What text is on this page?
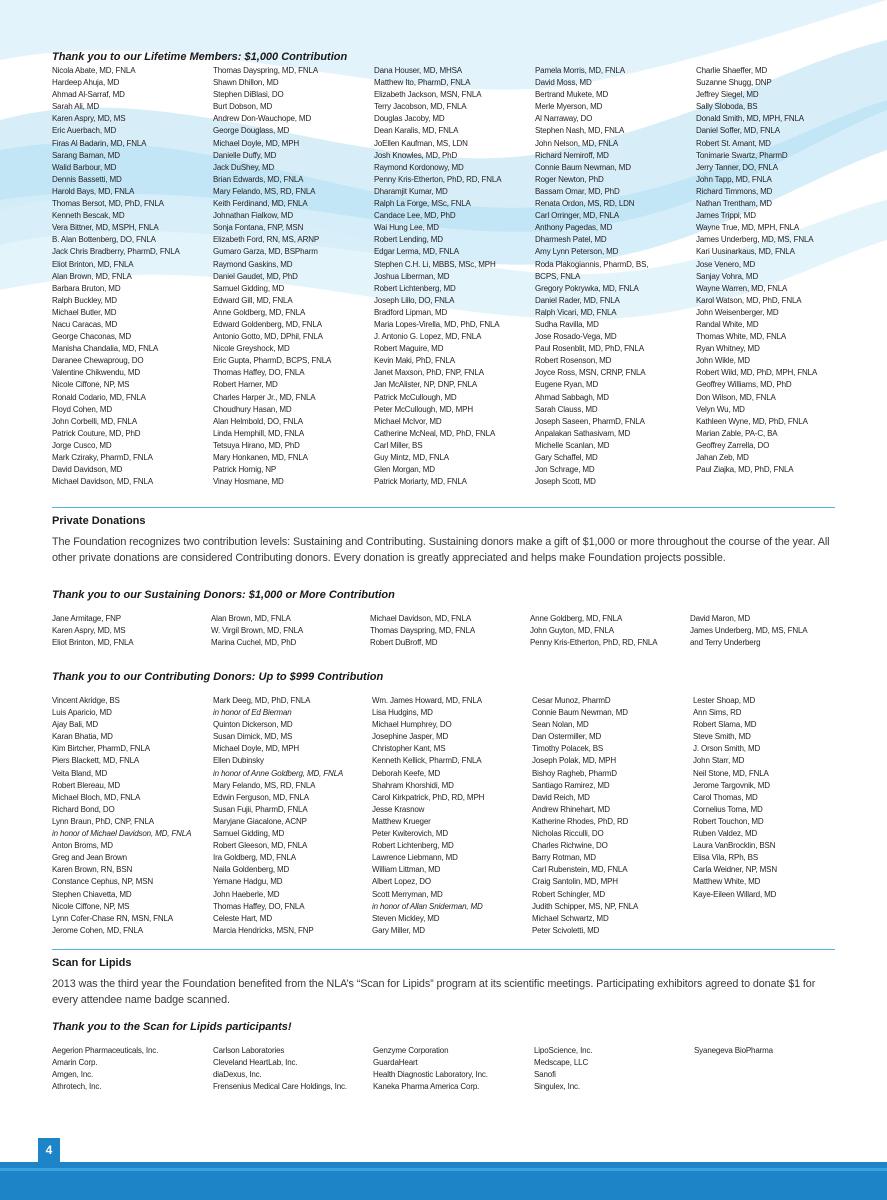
Thank you to our Lifetime Members: $1,000 Contribution
Nicola Abate, MD, FNLA
Hardeep Ahuja, MD
Ahmad Al-Sarraf, MD
Sarah Ali, MD
Karen Aspry, MD, MS
Eric Auerbach, MD
Firas Al Badarin, MD, FNLA
Sarang Baman, MD
Walid Barbour, MD
Dennis Bassetti, MD
Harold Bays, MD, FNLA
Thomas Bersot, MD, PhD, FNLA
Kenneth Bescak, MD
Vera Bittner, MD, MSPH, FNLA
B. Alan Bottenberg, DO, FNLA
Jack Chris Bradberry, PharmD, FNLA
Eliot Brinton, MD, FNLA
Alan Brown, MD, FNLA
Barbara Bruton, MD
Ralph Buckley, MD
Michael Butler, MD
Nacu Caracas, MD
George Chaconas, MD
Manisha Chandalia, MD, FNLA
Daranee Chewaproug, DO
Valentine Chikwendu, MD
Nicole Ciffone, NP, MS
Ronald Codario, MD, FNLA
Floyd Cohen, MD
John Corbelli, MD, FNLA
Patrick Couture, MD, PhD
Jorge Cusco, MD
Mark Cziraky, PharmD, FNLA
David Davidson, MD
Michael Davidson, MD, FNLA
Thomas Dayspring, MD, FNLA
Shawn Dhillon, MD
Stephen DiBlasi, DO
Burt Dobson, MD
Andrew Don-Wauchope, MD
George Douglass, MD
Michael Doyle, MD, MPH
Danielle Duffy, MD
Jack DuShey, MD
Brian Edwards, MD, FNLA
Mary Felando, MS, RD, FNLA
Keith Ferdinand, MD, FNLA
Johnathan Fialkow, MD
Sonja Fontana, FNP, MSN
Elizabeth Ford, RN, MS, ARNP
Gumaro Garza, MD, BSPharm
Raymond Gaskins, MD
Daniel Gaudet, MD, PhD
Samuel Gidding, MD
Edward Gill, MD, FNLA
Anne Goldberg, MD, FNLA
Edward Goldenberg, MD, FNLA
Antonio Gotto, MD, DPhil, FNLA
Nicole Greyshock, MD
Eric Gupta, PharmD, BCPS, FNLA
Thomas Haffey, DO, FNLA
Robert Harner, MD
Charles Harper Jr., MD, FNLA
Choudhury Hasan, MD
Alan Helmbold, DO, FNLA
Linda Hemphill, MD, FNLA
Tetsuya Hirano, MD, PhD
Mary Honkanen, MD, FNLA
Patrick Hornig, NP
Vinay Hosmane, MD
Dana Houser, MD, MHSA
Matthew Ito, PharmD, FNLA
Elizabeth Jackson, MSN, FNLA
Terry Jacobson, MD, FNLA
Douglas Jacoby, MD
Dean Karalis, MD, FNLA
JoEllen Kaufman, MS, LDN
Josh Knowles, MD, PhD
Raymond Kordonowy, MD
Penny Kris-Etherton, PhD, RD, FNLA
Dharamjit Kumar, MD
Ralph La Forge, MSc, FNLA
Candace Lee, MD, PhD
Wai Hung Lee, MD
Robert Lending, MD
Edgar Lerma, MD, FNLA
Stephen C.H. Li, MBBS, MSc, MPH
Joshua Liberman, MD
Robert Lichtenberg, MD
Joseph Lillo, DO, FNLA
Bradford Lipman, MD
Maria Lopes-Virella, MD, PhD, FNLA
J. Antonio G. Lopez, MD, FNLA
Robert Maguire, MD
Kevin Maki, PhD, FNLA
Janet Maxson, PhD, FNP, FNLA
Jan McAlister, NP, DNP, FNLA
Patrick McCullough, MD
Peter McCullough, MD, MPH
Michael McIvor, MD
Catherine McNeal, MD, PhD, FNLA
Carl Miller, BS
Guy Mintz, MD, FNLA
Glen Morgan, MD
Patrick Moriarty, MD, FNLA
Pamela Morris, MD, FNLA
David Moss, MD
Bertrand Mukete, MD
Merle Myerson, MD
Al Narraway, DO
Stephen Nash, MD, FNLA
John Nelson, MD, FNLA
Richard Nemiroff, MD
Connie Baum Newman, MD
Roger Newton, PhD
Bassam Omar, MD, PhD
Renata Ordon, MS, RD, LDN
Carl Orringer, MD, FNLA
Anthony Pagedas, MD
Dharmesh Patel, MD
Amy Lynn Peterson, MD
Roda Plakogiannis, PharmD, BS,
BCPS, FNLA
Gregory Pokrywka, MD, FNLA
Daniel Rader, MD, FNLA
Ralph Vicari, MD, FNLA
Sudha Ravilla, MD
Jose Rosado-Vega, MD
Paul Rosenblit, MD, PhD, FNLA
Robert Rosenson, MD
Joyce Ross, MSN, CRNP, FNLA
Eugene Ryan, MD
Ahmad Sabbagh, MD
Sarah Clauss, MD
Joseph Saseen, PharmD, FNLA
Anpalakan Sathasivam, MD
Michelle Scanlan, MD
Gary Schaffel, MD
Jon Schrage, MD
Joseph Scott, MD
Charlie Shaeffer, MD
Suzanne Shugg, DNP
Jeffrey Siegel, MD
Sally Sloboda, BS
Donald Smith, MD, MPH, FNLA
Daniel Soffer, MD, FNLA
Robert St. Amant, MD
Tonimarie Swartz, PharmD
Jerry Tanner, DO, FNLA
John Tapp, MD, FNLA
Richard Timmons, MD
Nathan Trentham, MD
James Trippi, MD
Wayne True, MD, MPH, FNLA
James Underberg, MD, MS, FNLA
Kari Uusinarkaus, MD, FNLA
Jose Venero, MD
Sanjay Vohra, MD
Wayne Warren, MD, FNLA
Karol Watson, MD, PhD, FNLA
John Weisenberger, MD
Randal White, MD
Thomas White, MD, FNLA
Ryan Whitney, MD
John Wikle, MD
Robert Wild, MD, PhD, MPH, FNLA
Geoffrey Williams, MD, PhD
Don Wilson, MD, FNLA
Velyn Wu, MD
Kathleen Wyne, MD, PhD, FNLA
Marian Zable, PA-C, BA
Geoffrey Zarrella, DO
Jahan Zeb, MD
Paul Ziajka, MD, PhD, FNLA
Private Donations
The Foundation recognizes two contribution levels: Sustaining and Contributing. Sustaining donors make a gift of $1,000 or more throughout the course of the year. All other private donations are considered Contributing donors. Every donation is greatly appreciated and helps make Foundation projects possible.
Thank you to our Sustaining Donors: $1,000 or More Contribution
Jane Armitage, FNP
Karen Aspry, MD, MS
Eliot Brinton, MD, FNLA
Alan Brown, MD, FNLA
W. Virgil Brown, MD, FNLA
Marina Cuchel, MD, PhD
Michael Davidson, MD, FNLA
Thomas Dayspring, MD, FNLA
Robert DuBroff, MD
Anne Goldberg, MD, FNLA
John Guyton, MD, FNLA
Penny Kris-Etherton, PhD, RD, FNLA
David Maron, MD
James Underberg, MD, MS, FNLA
and Terry Underberg
Thank you to our Contributing Donors: Up to $999 Contribution
Vincent Akridge, BS
Luis Aparicio, MD
Ajay Bali, MD
Karan Bhatia, MD
Kim Birtcher, PharmD, FNLA
Piers Blackett, MD, FNLA
Veita Bland, MD
Robert Blereau, MD
Michael Bloch, MD, FNLA
Richard Bond, DO
Lynn Braun, PhD, CNP, FNLA
in honor of Michael Davidson, MD, FNLA
Anton Broms, MD
Greg and Jean Brown
Karen Brown, RN, BSN
Constance Cephus, NP, MSN
Stephen Chiavetta, MD
Nicole Ciffone, NP, MS
Lynn Cofer-Chase RN, MSN, FNLA
Jerome Cohen, MD, FNLA
Mark Deeg, MD, PhD, FNLA
in honor of Ed Bierman
Quinton Dickerson, MD
Susan Dimick, MD, MS
Michael Doyle, MD, MPH
Ellen Dubinsky
in honor of Anne Goldberg, MD, FNLA
Mary Felando, MS, RD, FNLA
Edwin Ferguson, MD, FNLA
Susan Fujii, PharmD, FNLA
Maryjane Giacalone, ACNP
Samuel Gidding, MD
Robert Gleeson, MD, FNLA
Ira Goldberg, MD, FNLA
Naila Goldenberg, MD
Yemane Hadgu, MD
John Haeberle, MD
Thomas Haffey, DO, FNLA
Celeste Hart, MD
Marcia Hendricks, MSN, FNP
Wm. James Howard, MD, FNLA
Lisa Hudgins, MD
Michael Humphrey, DO
Josephine Jasper, MD
Christopher Kant, MS
Kenneth Kellick, PharmD, FNLA
Deborah Keefe, MD
Shahram Khorshidi, MD
Carol Kirkpatrick, PhD, RD, MPH
Jesse Krasnow
Matthew Krueger
Peter Kwiterovich, MD
Robert Lichtenberg, MD
Lawrence Liebmann, MD
William Littman, MD
Albert Lopez, DO
Scott Merryman, MD
in honor of Allan Sniderman, MD
Steven Mickley, MD
Gary Miller, MD
Cesar Munoz, PharmD
Connie Baum Newman, MD
Sean Nolan, MD
Dan Ostermiller, MD
Timothy Polacek, BS
Joseph Polak, MD, MPH
Bishoy Ragheb, PharmD
Santiago Ramirez, MD
David Reich, MD
Andrew Rhinehart, MD
Katherine Rhodes, PhD, RD
Nicholas Ricculli, DO
Charles Richwine, DO
Barry Rotman, MD
Carl Rubenstein, MD, FNLA
Craig Santolin, MD, MPH
Robert Schingler, MD
Judith Schipper, MS, NP, FNLA
Michael Schwartz, MD
Peter Scivoletti, MD
Lester Shoap, MD
Ann Sims, RD
Robert Slama, MD
Steve Smith, MD
J. Orson Smith, MD
John Starr, MD
Neil Stone, MD, FNLA
Jerome Targovnik, MD
Carol Thomas, MD
Cornelius Toma, MD
Robert Touchon, MD
Ruben Valdez, MD
Laura VanBrocklin, BSN
Elisa Vila, RPh, BS
Carla Weidner, NP, MSN
Matthew White, MD
Kaye-Eileen Willard, MD
Scan for Lipids
2013 was the third year the Foundation benefited from the NLA’s “Scan for Lipids” program at its scientific meetings. Participating exhibitors agreed to donate $1 for every attendee name badge scanned.
Thank you to the Scan for Lipids participants!
Aegerion Pharmaceuticals, Inc.
Amarin Corp.
Amgen, Inc.
Athrotech, Inc.
Carlson Laboratories
Cleveland HeartLab, Inc.
diaDexus, Inc.
Frensenius Medical Care Holdings, Inc.
Genzyme Corporation
GuardaHeart
Health Diagnostic Laboratory, Inc.
Kaneka Pharma America Corp.
LipoScience, Inc.
Medscape, LLC
Sanofi
Singulex, Inc.
Syanegeva BioPharma
4
